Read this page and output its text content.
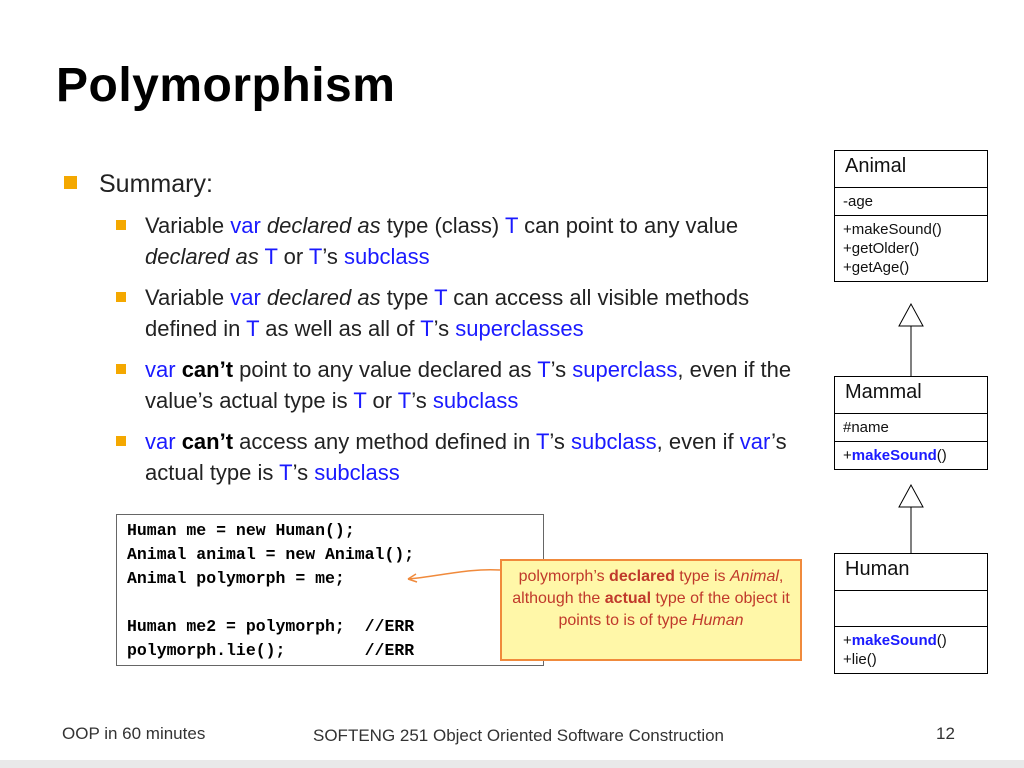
Polymorphism
Summary:
Variable var declared as type (class) T can point to any value declared as T or T’s subclass
Variable var declared as type T can access all visible methods defined in T as well as all of T’s superclasses
var can’t point to any value declared as T’s superclass, even if the value’s actual type is T or T’s subclass
var can’t access any method defined in T’s subclass, even if var’s actual type is T’s subclass
Human me = new Human();
Animal animal = new Animal();
Animal polymorph = me;
Human me2 = polymorph;  //ERR
polymorph.lie();        //ERR
polymorph’s declared type is Animal, although the actual type of the object it points to is of type Human
Animal
-age
+makeSound()
+getOlder()
+getAge()
Mammal
#name
+makeSound()
Human
+makeSound()
+lie()
OOP in 60 minutes	SOFTENG 251 Object Oriented Software Construction	12
